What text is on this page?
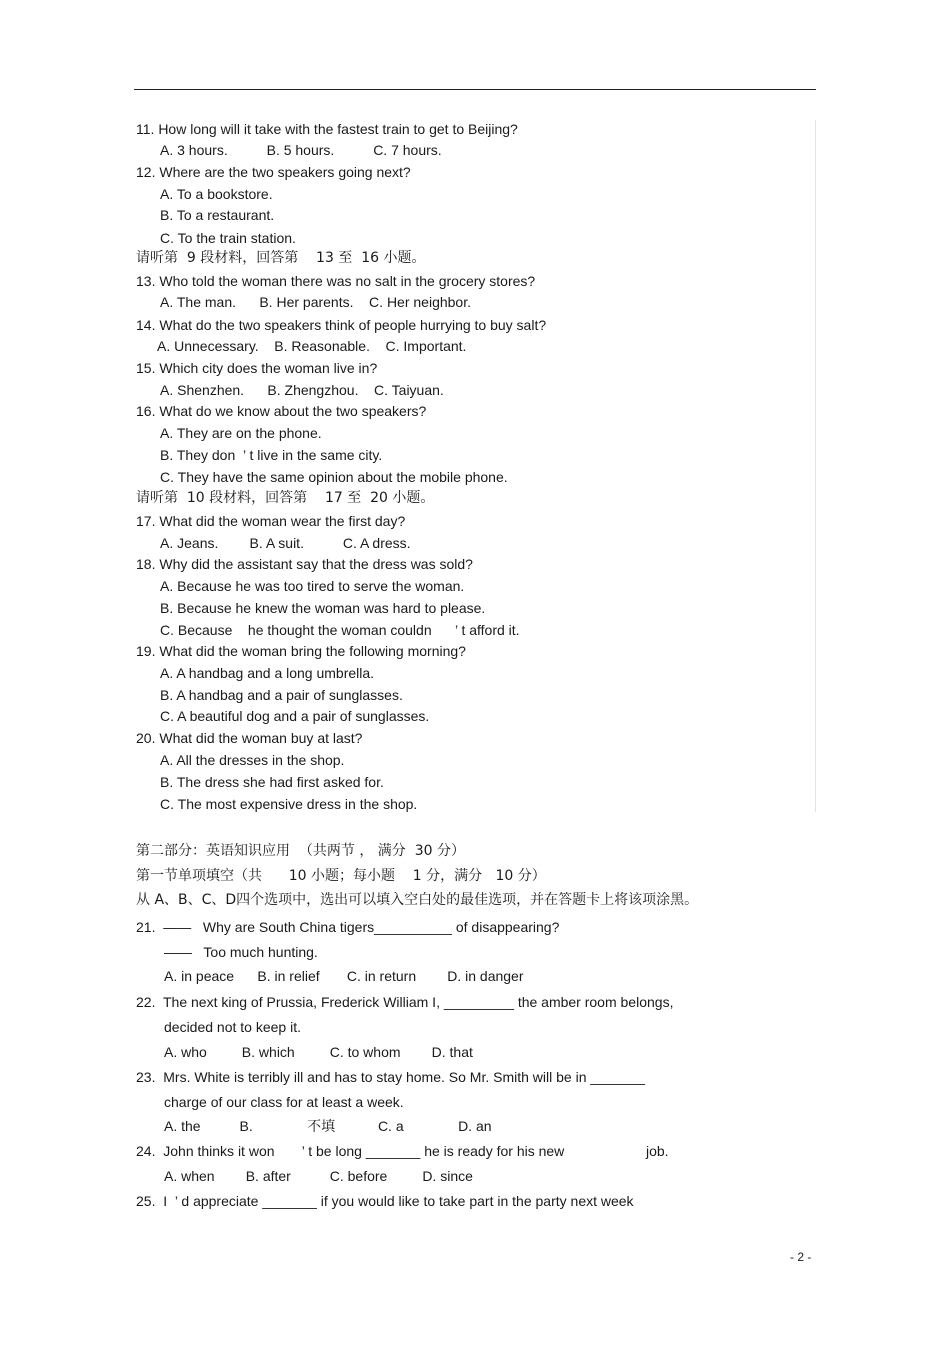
11. How long will it take with the fastest train to get to Beijing?
A. 3 hours.          B. 5 hours.          C. 7 hours.
12. Where are the two speakers going next?
A. To a bookstore.
B. To a restaurant.
C. To the train station.
请听第  9 段材料，回答第    13 至  16 小题。
13. Who told the woman there was no salt in the grocery stores?
A. The man.      B. Her parents.    C. Her neighbor.
14. What do the two speakers think of people hurrying to buy salt?
A. Unnecessary.    B. Reasonable.    C. Important.
15. Which city does the woman live in?
A. Shenzhen.      B. Zhengzhou.    C. Taiyuan.
16. What do we know about the two speakers?
A. They are on the phone.
B. They don  ’ t live in the same city.
C. They have the same opinion about the mobile phone.
请听第  10 段材料，回答第    17 至  20 小题。
17. What did the woman wear the first day?
A. Jeans.        B. A suit.          C. A dress.
18. Why did the assistant say that the dress was sold?
A. Because he was too tired to serve the woman.
B. Because he knew the woman was hard to please.
C. Because    he thought the woman couldn      ’ t afford it.
19. What did the woman bring the following morning?
A. A handbag and a long umbrella.
B. A handbag and a pair of sunglasses.
C. A beautiful dog and a pair of sunglasses.
20. What did the woman buy at last?
A. All the dresses in the shop.
B. The dress she had first asked for.
C. The most expensive dress in the shop.
第二部分：英语知识应用  （共两节 ， 满分  30 分）
第一节单项填空（共      10 小题；每小题    1 分，满分   10 分）
从 A、B、C、D四个选项中，选出可以填入空白处的最佳选项，并在答题卡上将该项涂黑。
21.  ——   Why are South China tigers__________ of disappearing?
——   Too much hunting.
A. in peace      B. in relief       C. in return        D. in danger
22.  The next king of Prussia, Frederick William I, _________ the amber room belongs,
decided not to keep it.
A. who         B. which         C. to whom        D. that
23.  Mrs. White is terribly ill and has to stay home. So Mr. Smith will be in _______
charge of our class for at least a week.
A. the          B.              不填           C. a              D. an
24.  John thinks it won       ’ t be long _______ he is ready for his new                     job.
A. when        B. after          C. before         D. since
25.  I  ’ d appreciate _______ if you would like to take part in the party next week
- 2 -
